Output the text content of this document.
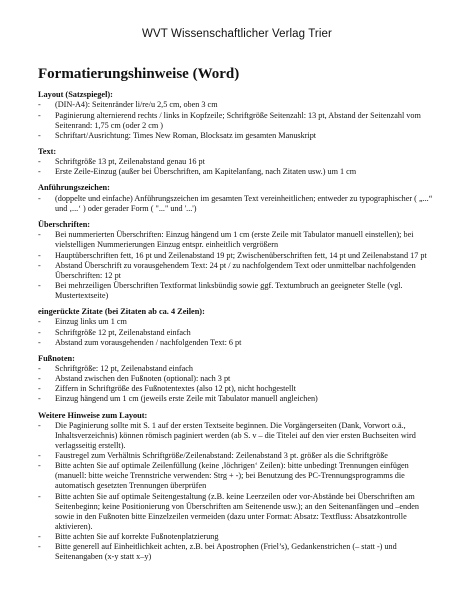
WVT Wissenschaftlicher Verlag Trier
Formatierungshinweise (Word)
Layout (Satzspiegel):
- (DIN-A4): Seitenränder li/re/u 2,5 cm, oben 3 cm
- Paginierung alternierend rechts / links in Kopfzeile; Schriftgröße Seitenzahl: 13 pt, Abstand der Seitenzahl vom Seitenrand: 1,75 cm (oder 2 cm )
- Schriftart/Ausrichtung: Times New Roman, Blocksatz im gesamten Manuskript
Text:
- Schriftgröße 13 pt, Zeilenabstand genau 16 pt
- Erste Zeile-Einzug (außer bei Überschriften, am Kapitelanfang, nach Zitaten usw.) um 1 cm
Anführungszeichen:
- (doppelte und einfache) Anführungszeichen im gesamten Text vereinheitlichen; entweder zu typographischer ( „...“ und ‚...‘ ) oder gerader Form ( "..." und '...')
Überschriften:
- Bei nummerierten Überschriften: Einzug hängend um 1 cm (erste Zeile mit Tabulator manuell einstellen); bei vielstelligen Nummerierungen Einzug entspr. einheitlich vergrößern
- Hauptüberschriften fett, 16 pt und Zeilenabstand 19 pt; Zwischenüberschriften fett, 14 pt und Zeilenabstand 17 pt
- Abstand Überschrift zu vorausgehendem Text: 24 pt / zu nachfolgendem Text oder unmittelbar nachfolgenden Überschriften: 12 pt
- Bei mehrzeiligen Überschriften Textformat linksbündig sowie ggf. Textumbruch an geeigneter Stelle (vgl. Mustertextseite)
eingerückte Zitate (bei Zitaten ab ca. 4 Zeilen):
- Einzug links um 1 cm
- Schriftgröße 12 pt, Zeilenabstand einfach
- Abstand zum vorausgehenden / nachfolgenden Text: 6 pt
Fußnoten:
- Schriftgröße: 12 pt, Zeilenabstand einfach
- Abstand zwischen den Fußnoten (optional): nach 3 pt
- Ziffern in Schriftgröße des Fußnotentextes (also 12 pt), nicht hochgestellt
- Einzug hängend um 1 cm (jeweils erste Zeile mit Tabulator manuell angleichen)
Weitere Hinweise zum Layout:
- Die Paginierung sollte mit S. 1 auf der ersten Textseite beginnen. Die Vorgängerseiten (Dank, Vorwort o.ä., Inhaltsverzeichnis) können römisch paginiert werden (ab S. v – die Titelei auf den vier ersten Buchseiten wird verlagsseitig erstellt).
- Faustregel zum Verhältnis Schriftgröße/Zeilenabstand: Zeilenabstand 3 pt. größer als die Schriftgröße
- Bitte achten Sie auf optimale Zeilenfüllung (keine ‚löchrigen‘ Zeilen): bitte unbedingt Trennungen einfügen (manuell: bitte weiche Trennstriche verwenden: Strg + -); bei Benutzung des PC-Trennungsprogramms die automatisch gesetzten Trennungen überprüfen
- Bitte achten Sie auf optimale Seitengestaltung (z.B. keine Leerzeilen oder vor-Abstände bei Überschriften am Seitenbeginn; keine Positionierung von Überschriften am Seitenende usw.); an den Seitenanfängen und –enden sowie in den Fußnoten bitte Einzelzeilen vermeiden (dazu unter Format: Absatz: Textfluss: Absatzkontrolle aktivieren).
- Bitte achten Sie auf korrekte Fußnotenplatzierung
- Bitte generell auf Einheitlichkeit achten, z.B. bei Apostrophen (Friel’s), Gedankenstrichen (– statt -) und Seitenangaben (x-y statt x–y)
